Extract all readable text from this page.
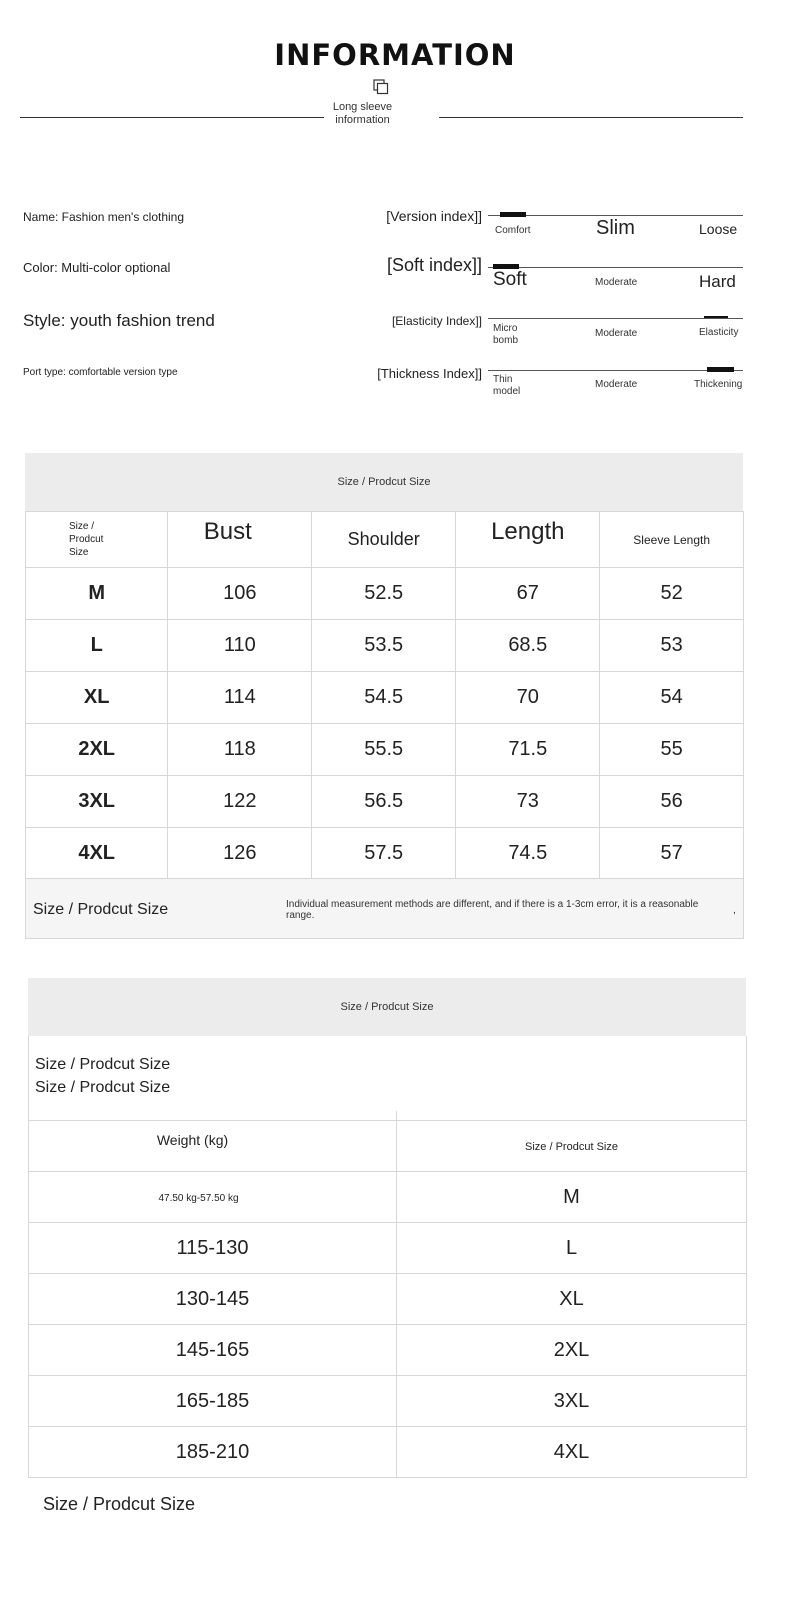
INFORMATION
Long sleeve
information
Name: Fashion men's clothing	[Version index]]
Comfort	Slim	Loose
Color: Multi-color optional	[Soft index]]
Soft	Moderate	Hard
Style: youth fashion trend	[Elasticity Index]]
Micro bomb
Moderate	Elasticity
Port type: comfortable version type	[Thickness Index]] Thin model
Moderate	Thickening
Size / Prodcut Size
Size / Prodcut Size	Bust	Shoulder	Length	Sleeve Length
M	106	52.5	67	52
L	110	53.5	68.5	53
XL	114	54.5	70	54
2XL	118	55.5	71.5	55
3XL	122	56.5	73	56
4XL	126	57.5	74.5	57
Size / Prodcut Size	Individual measurement methods are different, and if there is a 1-3cm error, it is a reasonable range.	,
Size / Prodcut Size
Size / Prodcut Size
Size / Prodcut Size
Weight (kg)	Size / Prodcut Size
47.50 kg-57.50 kg	M
115-130	L
130-145	XL
145-165	2XL
165-185	3XL
185-210	4XL
Size / Prodcut Size
